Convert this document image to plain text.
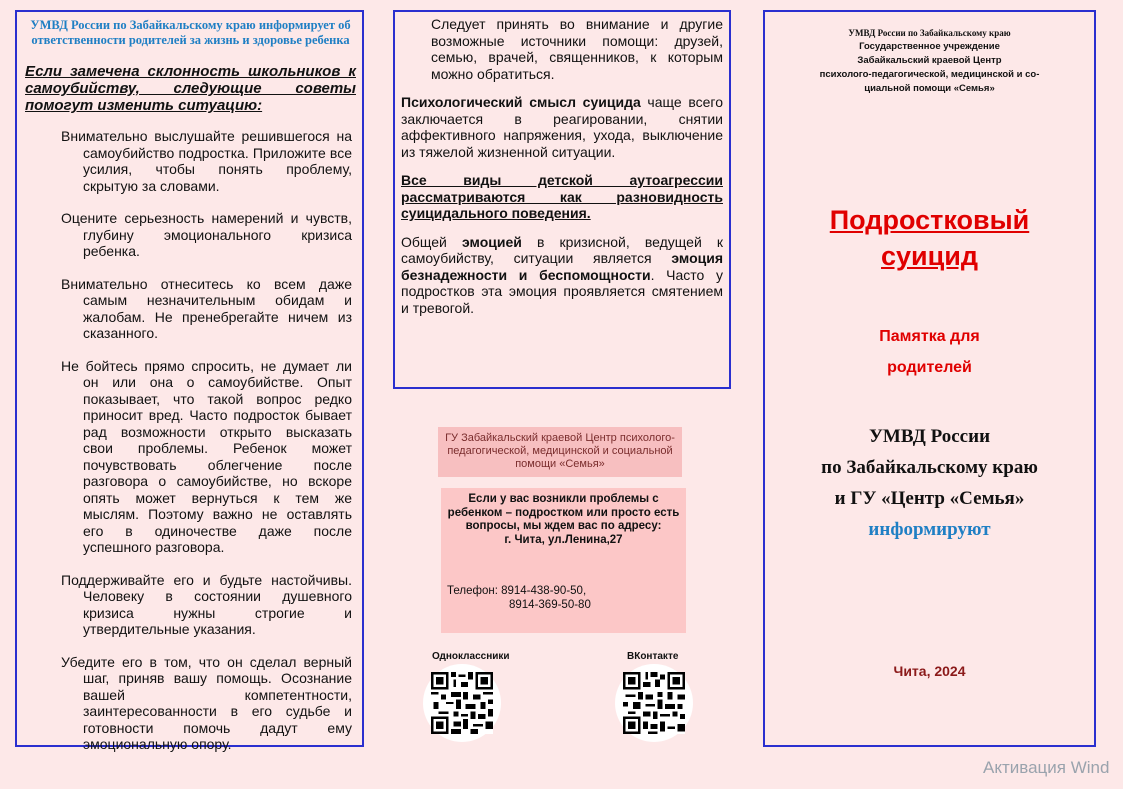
УМВД России по Забайкальскому краю информирует об ответственности родителей за жизнь и здоровье ребенка
Если замечена склонность школьников к самоубийству, следующие советы помогут изменить ситуацию:
Внимательно выслушайте решившегося на самоубийство подростка. Приложите все усилия, чтобы понять проблему, скрытую за словами.
Оцените серьезность намерений и чувств, глубину эмоционального кризиса ребенка.
Внимательно отнеситесь ко всем даже самым незначительным обидам и жалобам. Не пренебрегайте ничем из сказанного.
Не бойтесь прямо спросить, не думает ли он или она о самоубийстве. Опыт показывает, что такой вопрос редко приносит вред. Часто подросток бывает рад возможности открыто высказать свои проблемы. Ребенок может почувствовать облегчение после разговора о самоубийстве, но вскоре опять может вернуться к тем же мыслям. Поэтому важно не оставлять его в одиночестве даже после успешного разговора.
Поддерживайте его и будьте настойчивы. Человеку в состоянии душевного кризиса нужны строгие и утвердительные указания.
Убедите его в том, что он сделал верный шаг, приняв вашу помощь. Осознание вашей компетентности, заинтересованности в его судьбе и готовности помочь дадут ему эмоциональную опору.
Следует принять во внимание и другие возможные источники помощи: друзей, семью, врачей, священников, к которым можно обратиться.
Психологический смысл суицида чаще всего заключается в реагировании, снятии аффективного напряжения, ухода, выключение из тяжелой жизненной ситуации.
Все виды детской аутоагрессии рассматриваются как разновидность суицидального поведения.
Общей эмоцией в кризисной, ведущей к самоубийству, ситуации является эмоция безнадежности и беспомощности. Часто у подростков эта эмоция проявляется смятением и тревогой.
ГУ Забайкальский краевой Центр психолого-педагогической, медицинской и социальной помощи «Семья»
Если у вас возникли проблемы с ребенком – подростком или просто есть вопросы, мы ждем вас по адресу:
г. Чита, ул.Ленина,27
Телефон: 8914-438-90-50,
8914-369-50-80
Одноклассники	ВКонтакте
УМВД России по Забайкальскому краю
Государственное учреждение
Забайкальский краевой Центр
психолого-педагогической, медицинской и со-
циальной помощи «Семья»
Подростковый
суицид
Памятка для
родителей
УМВД России
по Забайкальскому краю
и ГУ «Центр «Семья»
информируют
Чита, 2024
Активация Wind
